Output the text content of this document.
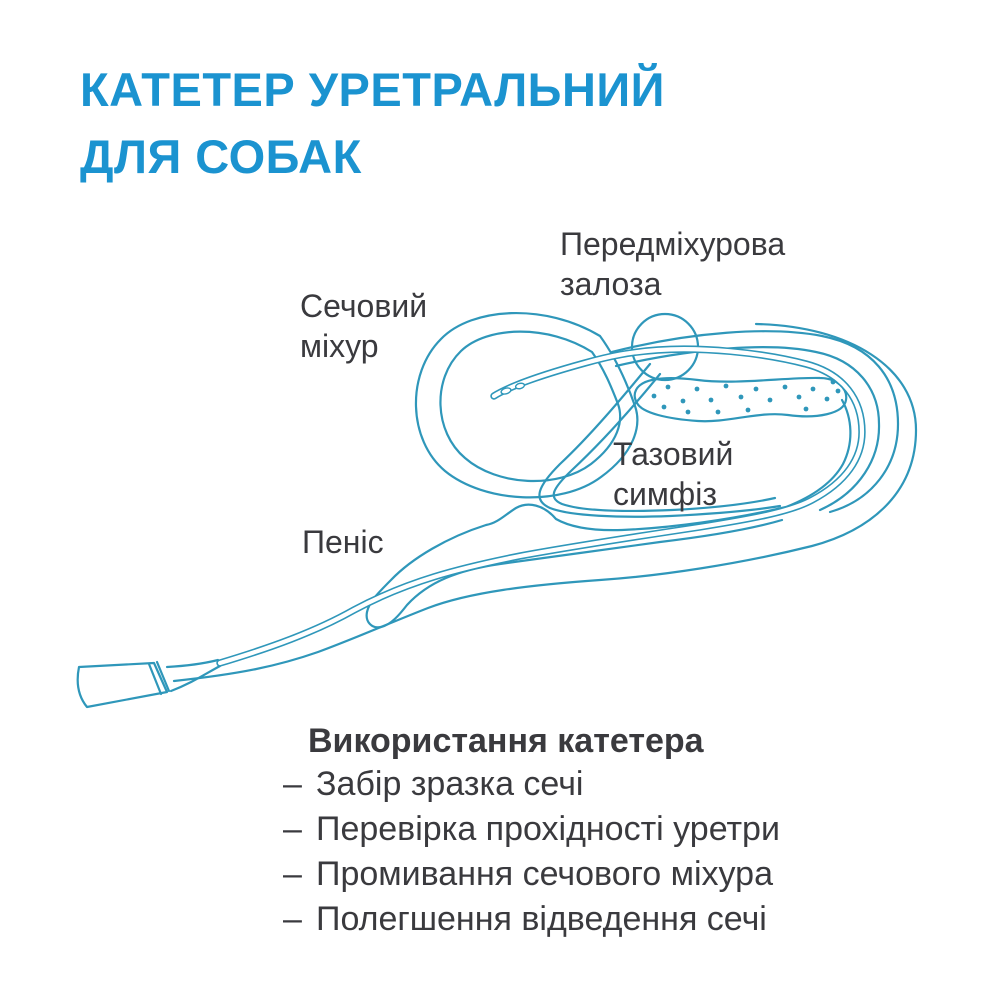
КАТЕТЕР УРЕТРАЛЬНИЙ
ДЛЯ СОБАК
Передміхурова
залоза
Сечовий
міхур
Тазовий
симфіз
Пеніс
Використання катетера
– Забір зразка сечі
– Перевірка прохідності уретри
– Промивання сечового міхура
– Полегшення відведення сечі
